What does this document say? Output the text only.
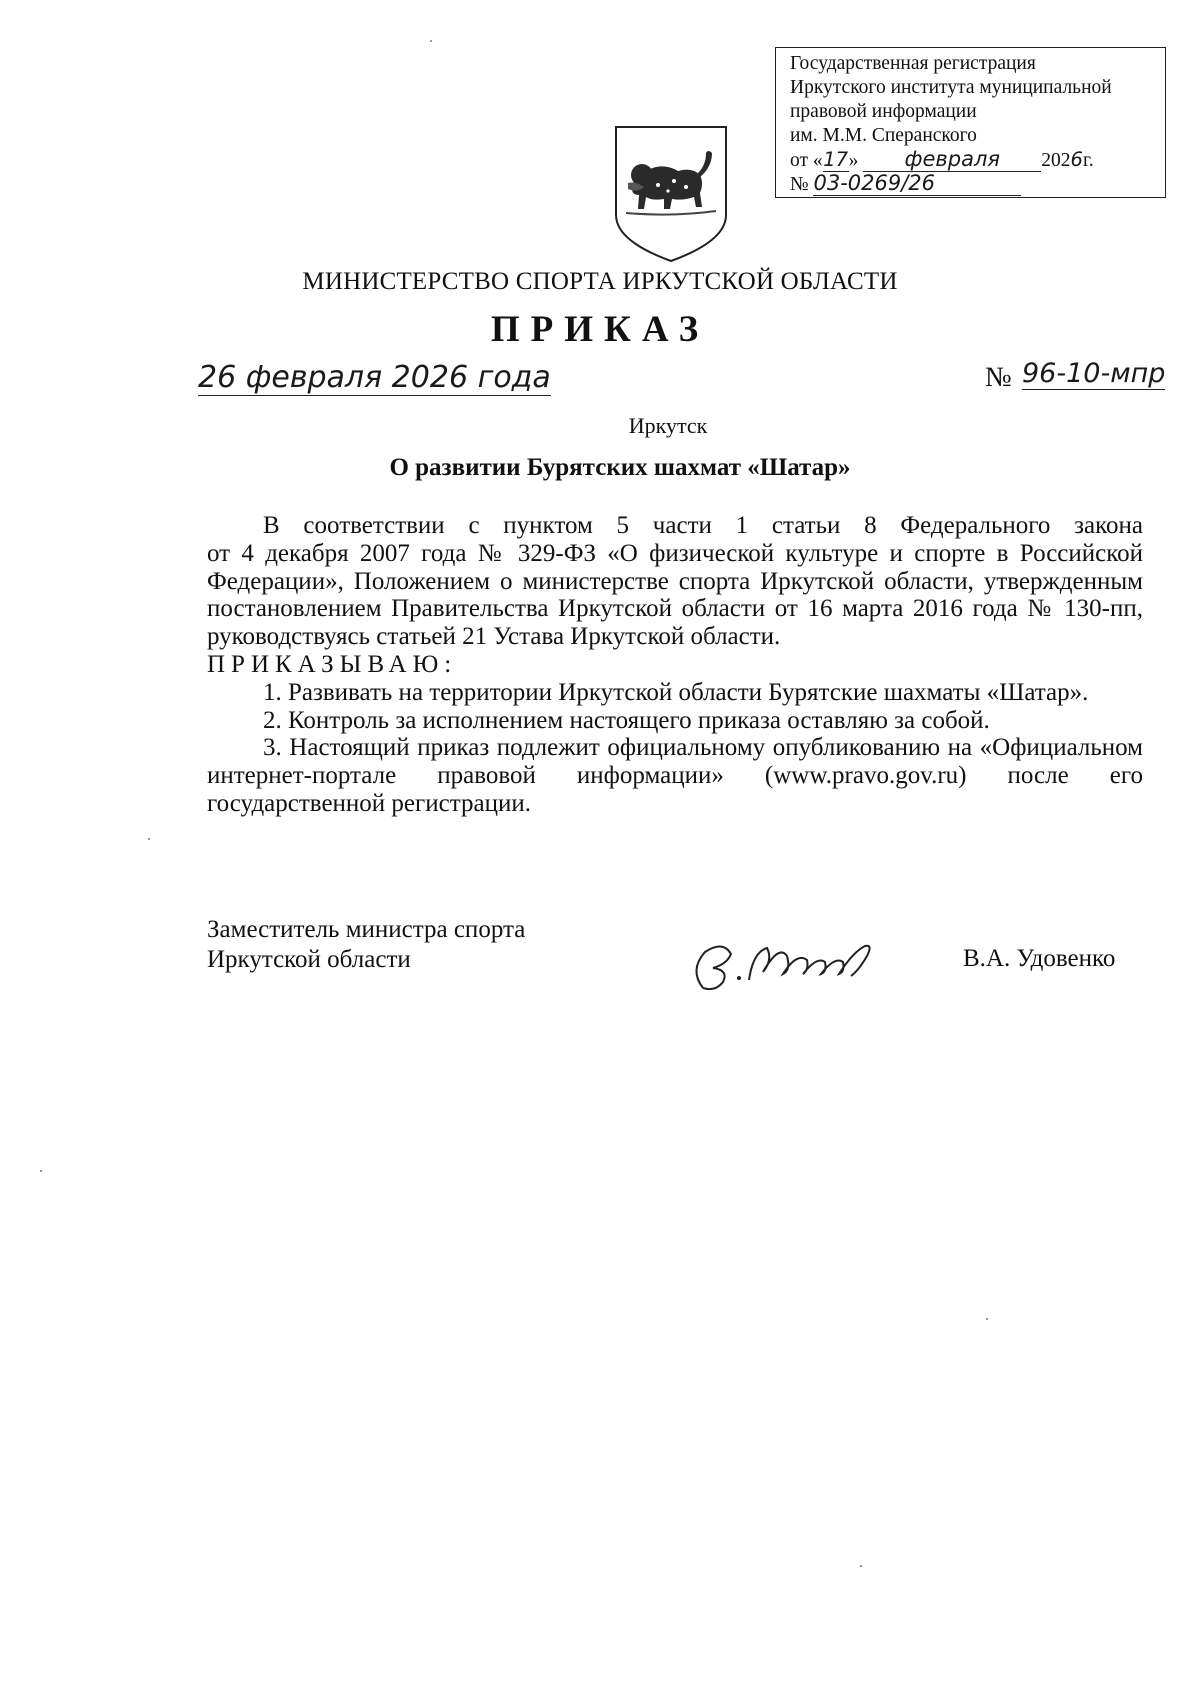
Государственная регистрация
Иркутского института муниципальной
правовой информации
им. М.М. Сперанского
от «17» февраля 2026г.
№ 03-0269/26
МИНИСТЕРСТВО СПОРТА ИРКУТСКОЙ ОБЛАСТИ
ПРИКАЗ
26 февраля 2026 года	№ 96-10-мпр
Иркутск
О развитии Бурятских шахмат «Шатар»

В соответствии с пунктом 5 части 1 статьи 8 Федерального закона

от 4 декабря 2007 года № 329-ФЗ «О физической культуре и спорте в Российской Федерации», Положением о министерстве спорта Иркутской области, утвержденным постановлением Правительства Иркутской области от 16 марта 2016 года № 130-пп, руководствуясь статьей 21 Устава Иркутской области.

ПРИКАЗЫВАЮ:

1. Развивать на территории Иркутской области Бурятские шахматы «Шатар».

2. Контроль за исполнением настоящего приказа оставляю за собой.

3. Настоящий приказ подлежит официальному опубликованию на «Официальном интернет-портале правовой информации» (www.pravo.gov.ru) после его государственной регистрации.

Заместитель министра спорта
Иркутской области	В.А. Удовенко
